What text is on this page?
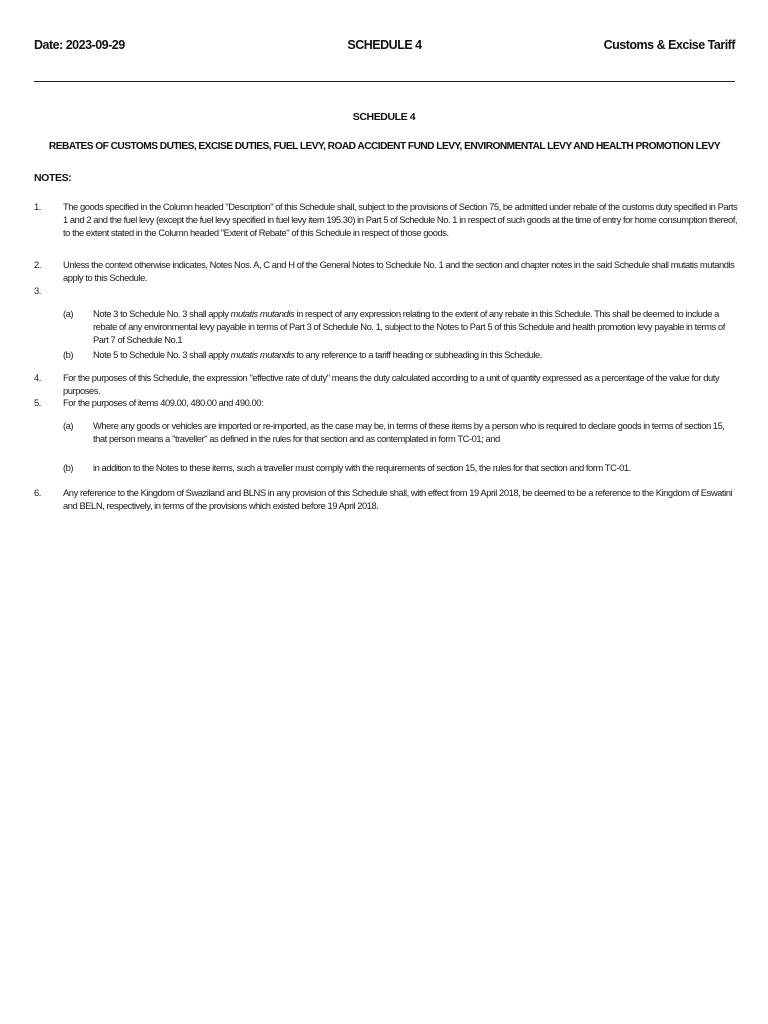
Date: 2023-09-29	SCHEDULE 4	Customs & Excise Tariff
SCHEDULE 4
REBATES OF CUSTOMS DUTIES, EXCISE DUTIES, FUEL LEVY, ROAD ACCIDENT FUND LEVY, ENVIRONMENTAL LEVY AND HEALTH PROMOTION LEVY
NOTES:
1. The goods specified in the Column headed "Description" of this Schedule shall, subject to the provisions of Section 75, be admitted under rebate of the customs duty specified in Parts 1 and 2 and the fuel levy (except the fuel levy specified in fuel levy item 195.30) in Part 5 of Schedule No. 1 in respect of such goods at the time of entry for home consumption thereof, to the extent stated in the Column headed "Extent of Rebate" of this Schedule in respect of those goods.
2. Unless the context otherwise indicates, Notes Nos. A, C and H of the General Notes to Schedule No. 1 and the section and chapter notes in the said Schedule shall mutatis mutandis apply to this Schedule.
3.
(a) Note 3 to Schedule No. 3 shall apply mutatis mutandis in respect of any expression relating to the extent of any rebate in this Schedule. This shall be deemed to include a rebate of any environmental levy payable in terms of Part 3 of Schedule No. 1, subject to the Notes to Part 5 of this Schedule and health promotion levy payable in terms of Part 7 of Schedule No.1
(b) Note 5 to Schedule No. 3 shall apply mutatis mutandis to any reference to a tariff heading or subheading in this Schedule.
4. For the purposes of this Schedule, the expression "effective rate of duty" means the duty calculated according to a unit of quantity expressed as a percentage of the value for duty purposes.
5. For the purposes of items 409.00, 480.00 and 490.00:
(a) Where any goods or vehicles are imported or re-imported, as the case may be, in terms of these items by a person who is required to declare goods in terms of section 15, that person means a "traveller" as defined in the rules for that section and as contemplated in form TC-01; and
(b) in addition to the Notes to these items, such a traveller must comply with the requirements of section 15, the rules for that section and form TC-01.
6. Any reference to the Kingdom of Swaziland and BLNS in any provision of this Schedule shall, with effect from 19 April 2018, be deemed to be a reference to the Kingdom of Eswatini and BELN, respectively, in terms of the provisions which existed before 19 April 2018.
